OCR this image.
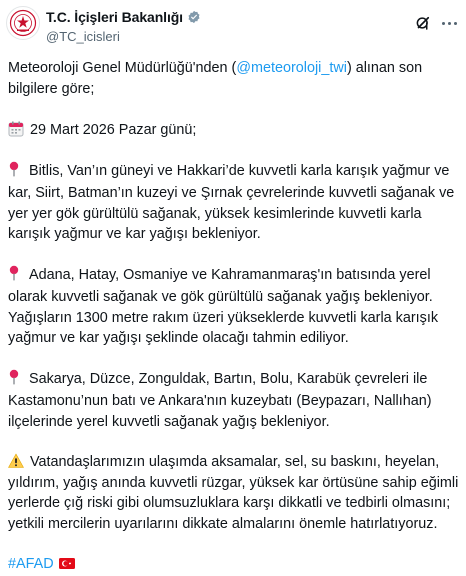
T.C. İçişleri Bakanlığı
@TC_icisleri

Meteoroloji Genel Müdürlüğü'nden (@meteoroloji_twi) alınan son bilgilere göre;

29 Mart 2026 Pazar günü;

Bitlis, Van’ın güneyi ve Hakkari’de kuvvetli karla karışık yağmur ve kar, Siirt, Batman’ın kuzeyi ve Şırnak çevrelerinde kuvvetli sağanak ve yer yer gök gürültülü sağanak, yüksek kesimlerinde kuvvetli karla karışık yağmur ve kar yağışı bekleniyor.

Adana, Hatay, Osmaniye ve Kahramanmaraş'ın batısında yerel olarak kuvvetli sağanak ve gök gürültülü sağanak yağış bekleniyor. Yağışların 1300 metre rakım üzeri yükseklerde kuvvetli karla karışık yağmur ve kar yağışı şeklinde olacağı tahmin ediliyor.

Sakarya, Düzce, Zonguldak, Bartın, Bolu, Karabük çevreleri ile Kastamonu’nun batı ve Ankara'nın kuzeybatı (Beypazarı, Nallıhan) ilçelerinde yerel kuvvetli sağanak yağış bekleniyor.

Vatandaşlarımızın ulaşımda aksamalar, sel, su baskını, heyelan, yıldırım, yağış anında kuvvetli rüzgar, yüksek kar örtüsüne sahip eğimli yerlerde çığ riski gibi olumsuzluklara karşı dikkatli ve tedbirli olmasını; yetkili mercilerin uyarılarını dikkate almalarını önemle hatırlatıyoruz.

#AFAD
